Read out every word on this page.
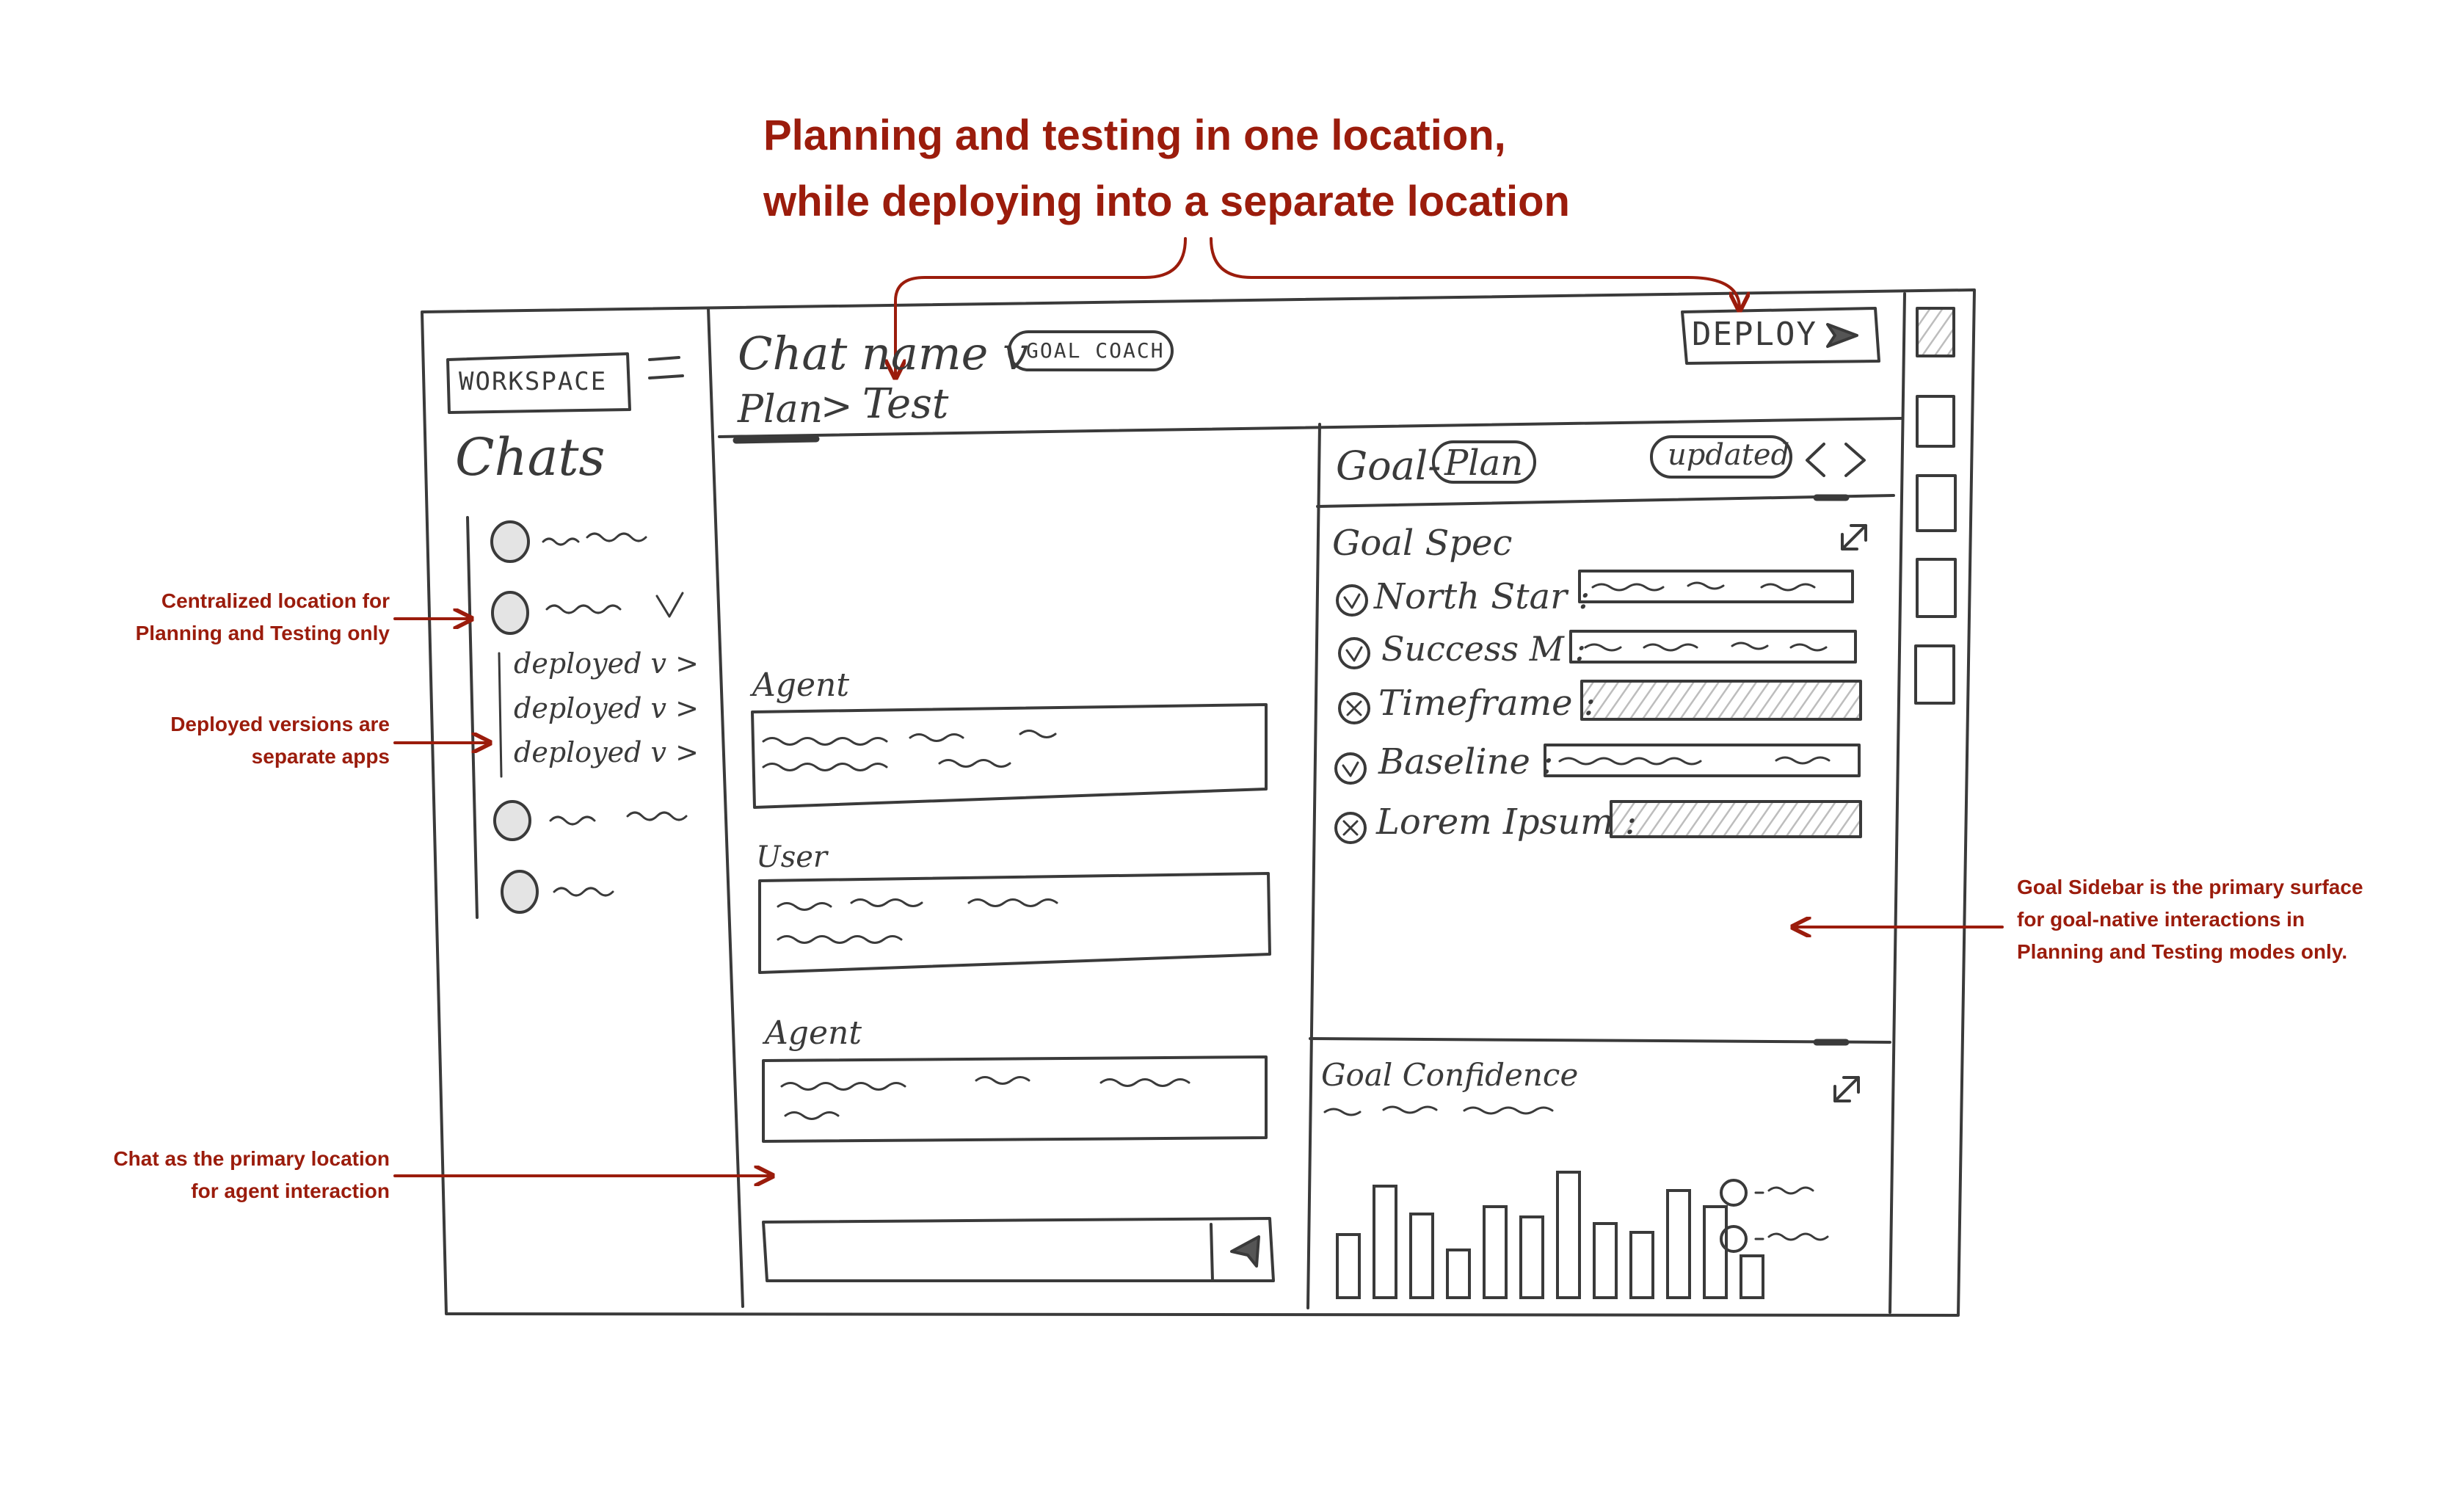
Planning and testing in one location,
while deploying into a separate location
Centralized location for
Planning and Testing only
Deployed versions are
separate apps
Chat as the primary location
for agent interaction
Goal Sidebar is the primary surface
for goal-native interactions in
Planning and Testing modes only.
WORKSPACE
Chats
deployed v >
deployed v >
deployed v >
Chat name v
GOAL COACH
Plan
> Test
DEPLOY
Agent
User
Agent
Goal- Plan	updated
Goal Spec
North Star :
Success M :
Timeframe :
Baseline :
Lorem Ipsum :
Goal Confidence
